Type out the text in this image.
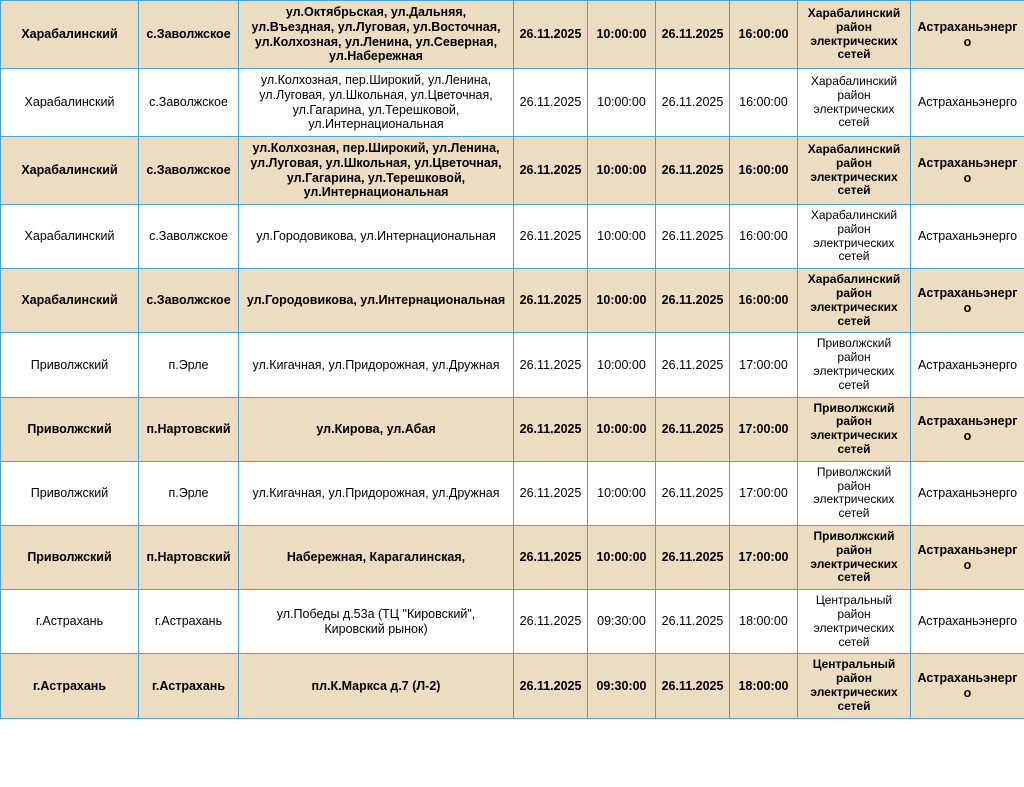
Харабалинский	с.Заволжское	ул.Октябрьская, ул.Дальняя, ул.Въездная, ул.Луговая, ул.Восточная, ул.Колхозная, ул.Ленина, ул.Северная, ул.Набережная	26.11.2025	10:00:00	26.11.2025	16:00:00	Харабалинский район электрических сетей	Астраханьэнерго
Харабалинский	с.Заволжское	ул.Колхозная, пер.Широкий, ул.Ленина, ул.Луговая, ул.Школьная, ул.Цветочная, ул.Гагарина, ул.Терешковой, ул.Интернациональная	26.11.2025	10:00:00	26.11.2025	16:00:00	Харабалинский район электрических сетей	Астраханьэнерго
Харабалинский	с.Заволжское	ул.Колхозная, пер.Широкий, ул.Ленина, ул.Луговая, ул.Школьная, ул.Цветочная, ул.Гагарина, ул.Терешковой, ул.Интернациональная	26.11.2025	10:00:00	26.11.2025	16:00:00	Харабалинский район электрических сетей	Астраханьэнерго
Харабалинский	с.Заволжское	ул.Городовикова, ул.Интернациональная	26.11.2025	10:00:00	26.11.2025	16:00:00	Харабалинский район электрических сетей	Астраханьэнерго
Харабалинский	с.Заволжское	ул.Городовикова, ул.Интернациональная	26.11.2025	10:00:00	26.11.2025	16:00:00	Харабалинский район электрических сетей	Астраханьэнерго
Приволжский	п.Эрле	ул.Кигачная, ул.Придорожная, ул.Дружная	26.11.2025	10:00:00	26.11.2025	17:00:00	Приволжский район электрических сетей	Астраханьэнерго
Приволжский	п.Нартовский	ул.Кирова, ул.Абая	26.11.2025	10:00:00	26.11.2025	17:00:00	Приволжский район электрических сетей	Астраханьэнерго
Приволжский	п.Эрле	ул.Кигачная, ул.Придорожная, ул.Дружная	26.11.2025	10:00:00	26.11.2025	17:00:00	Приволжский район электрических сетей	Астраханьэнерго
Приволжский	п.Нартовский	Набережная, Карагалинская,	26.11.2025	10:00:00	26.11.2025	17:00:00	Приволжский район электрических сетей	Астраханьэнерго
г.Астрахань	г.Астрахань	ул.Победы д.53а (ТЦ "Кировский", Кировский рынок)	26.11.2025	09:30:00	26.11.2025	18:00:00	Центральный район электрических сетей	Астраханьэнерго
г.Астрахань	г.Астрахань	пл.К.Маркса д.7 (Л-2)	26.11.2025	09:30:00	26.11.2025	18:00:00	Центральный район электрических сетей	Астраханьэнерго
